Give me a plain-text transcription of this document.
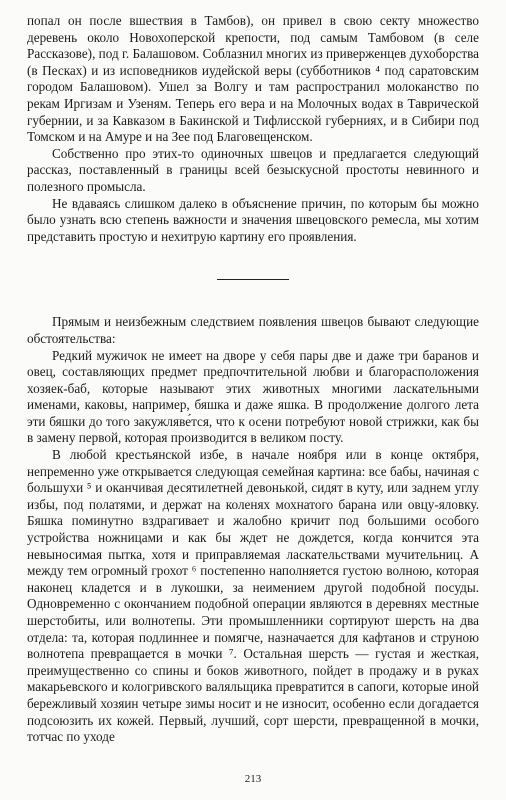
попал он после вшествия в Тамбов), он привел в свою секту множество деревень около Новохоперской крепости, под самым Тамбовом (в селе Рассказове), под г. Балашовом. Соблазнил многих из приверженцев духоборства (в Песках) и из исповедников иудейской веры (субботников ⁴ под саратовским городом Балашовом). Ушел за Волгу и там распространил молоканство по рекам Иргизам и Узеням. Теперь его вера и на Молочных водах в Таврической губернии, и за Кавказом в Бакинской и Тифлисской губерниях, и в Сибири под Томском и на Амуре и на Зее под Благовещенском.

Собственно про этих-то одиночных швецов и предлагается следующий рассказ, поставленный в границы всей безыскусной простоты невинного и полезного промысла.

Не вдаваясь слишком далеко в объяснение причин, по которым бы можно было узнать всю степень важности и значения швецовского ремесла, мы хотим представить простую и нехитрую картину его проявления.

Прямым и неизбежным следствием появления швецов бывают следующие обстоятельства:

Редкий мужичок не имеет на дворе у себя пары две и даже три баранов и овец, составляющих предмет предпочтительной любви и благорасположения хозяек-баб, которые называют этих животных многими ласкательными именами, каковы, например, бяшка и даже яшка. В продолжение долгого лета эти бяшки до того закужляве́тся, что к осени потребуют новой стрижки, как бы в замену первой, которая производится в великом посту.

В любой крестьянской избе, в начале ноября или в конце октября, непременно уже открывается следующая семейная картина: все бабы, начиная с большухи ⁵ и оканчивая десятилетней девонькой, сидят в куту, или заднем углу избы, под полатями, и держат на коленях мохнатого барана или овцу-яловку. Бяшка поминутно вздрагивает и жалобно кричит под большими особого устройства ножницами и как бы ждет не дождется, когда кончится эта невыносимая пытка, хотя и приправляемая ласкательствами мучительниц. А между тем огромный грохот ⁶ постепенно наполняется густою волною, которая наконец кладется и в лукошки, за неимением другой подобной посуды. Одновременно с окончанием подобной операции являются в деревнях местные шерстобиты, или волнотепы. Эти промышленники сортируют шерсть на два отдела: та, которая подлиннее и помягче, назначается для кафтанов и струною волнотепа превращается в мочки ⁷. Остальная шерсть — густая и жесткая, преимущественно со спины и боков животного, пойдет в продажу и в руках макарьевского и кологривского валяльщика превратится в сапоги, которые иной бережливый хозяин четыре зимы носит и не износит, особенно если догадается подсоюзить их кожей. Первый, лучший, сорт шерсти, превращенной в мочки, тотчас по уходе

213
